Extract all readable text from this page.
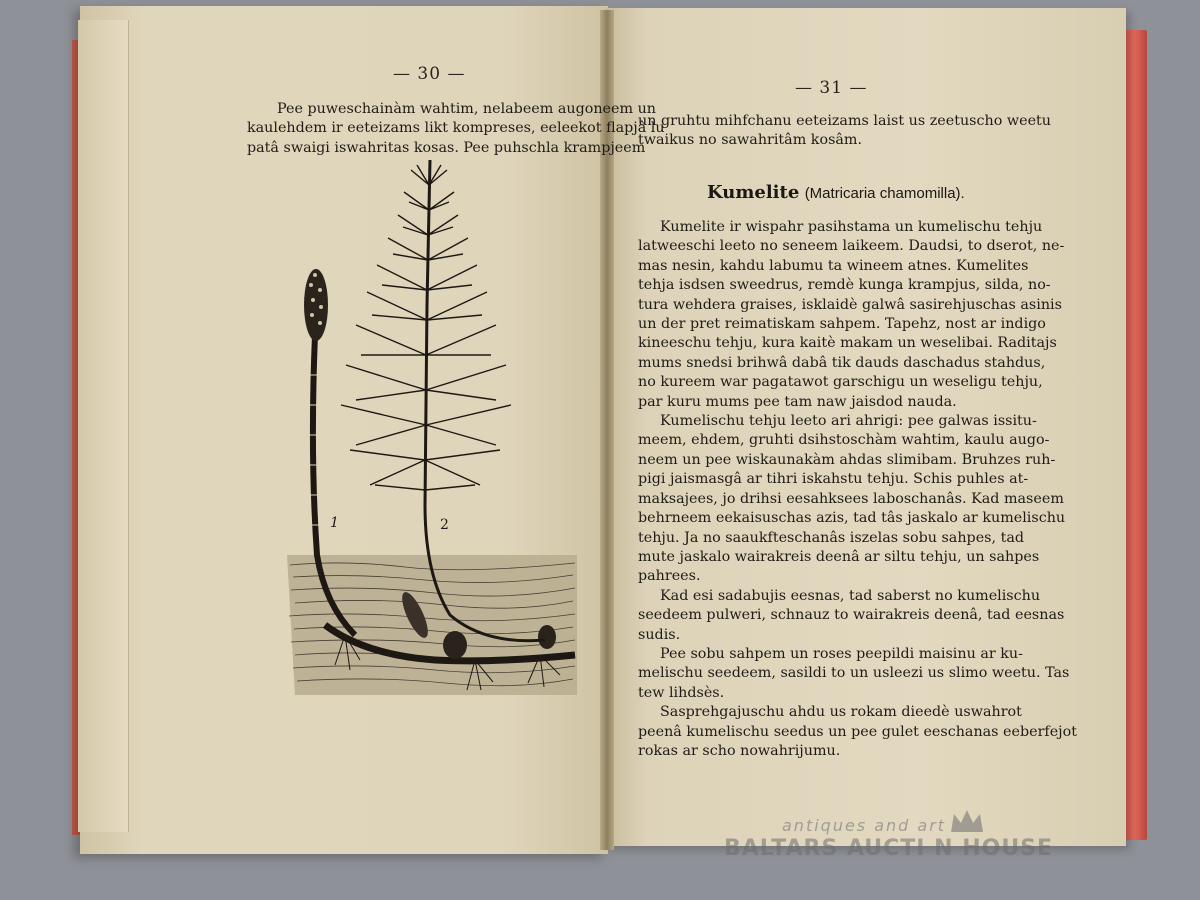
— 30 —
Pee puweschainàm wahtim, nelabeem augoneem un
kaulehdem ir eeteizams likt kompreses, eeleekot flapjâ lu
patâ swaigi iswahritas kosas. Pee puhschla krampjeem
1	2
— 31 —
un gruhtu mihfchanu eeteizams laist us zeetuscho weetu
twaikus no sawahritâm kosâm.
Kumelite (Matricaria chamomilla).
Kumelite ir wispahr pasihstama un kumelischu tehju
latweeschi leeto no seneem laikeem. Daudsi, to dserot, ne-
mas nesin, kahdu labumu ta wineem atnes. Kumelites
tehja isdsen sweedrus, remdè kunga krampjus, silda, no-
tura wehdera graises, isklaidè galwâ sasirehjuschas asinis
un der pret reimatiskam sahpem. Tapehz, nost ar indigo
kineeschu tehju, kura kaitè makam un weselibai. Raditajs
mums snedsi brihwâ dabâ tik dauds daschadus stahdus,
no kureem war pagatawot garschigu un weseligu tehju,
par kuru mums pee tam naw jaisdod nauda.
Kumelischu tehju leeto ari ahrigi: pee galwas issitu-
meem, ehdem, gruhti dsihstoschàm wahtim, kaulu augo-
neem un pee wiskaunakàm ahdas slimibam. Bruhzes ruh-
pigi jaismasgâ ar tihri iskahstu tehju. Schis puhles at-
maksajees, jo drihsi eesahksees laboschanâs. Kad maseem
behrneem eekaisuschas azis, tad tâs jaskalo ar kumelischu
tehju. Ja no saaukfteschanâs iszelas sobu sahpes, tad
mute jaskalo wairakreis deenâ ar siltu tehju, un sahpes
pahrees.
Kad esi sadabujis eesnas, tad saberst no kumelischu
seedeem pulweri, schnauz to wairakreis deenâ, tad eesnas
sudis.
Pee sobu sahpem un roses peepildi maisinu ar ku-
melischu seedeem, sasildi to un usleezi us slimo weetu. Tas
tew lihdsès.
Sasprehgajuschu ahdu us rokam dieedè uswahrot
peenâ kumelischu seedus un pee gulet eeschanas eeberfejot
rokas ar scho nowahrijumu.
antiques and art
BALTARS AUCTI N HOUSE
